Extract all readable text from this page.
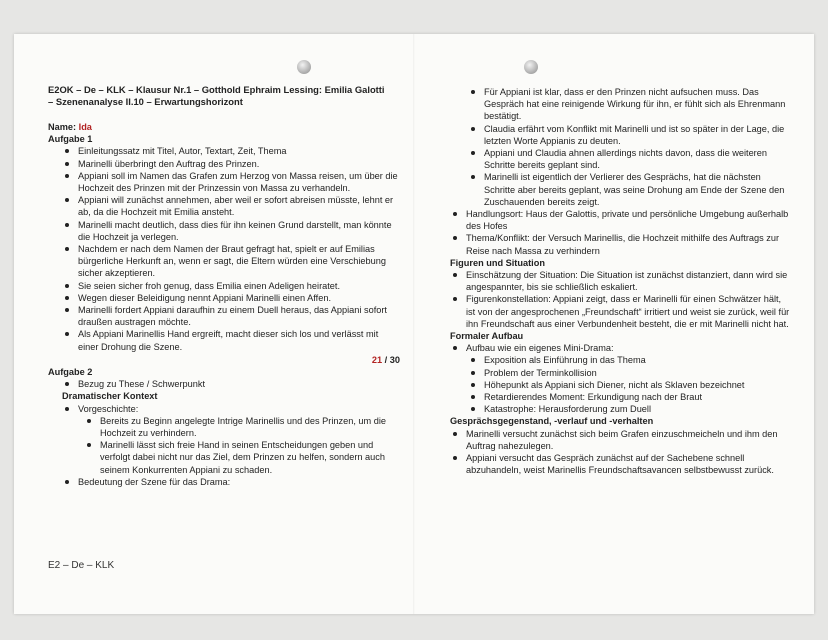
E2OK – De – KLK – Klausur Nr.1 – Gotthold Ephraim Lessing: Emilia Galotti
– Szenenanalyse II.10 – Erwartungshorizont
Name: Ida
Aufgabe 1
Einleitungssatz mit Titel, Autor, Textart, Zeit, Thema
Marinelli überbringt den Auftrag des Prinzen.
Appiani soll im Namen das Grafen zum Herzog von Massa reisen, um über die Hochzeit des Prinzen mit der Prinzessin von Massa zu verhandeln.
Appiani will zunächst annehmen, aber weil er sofort abreisen müsste, lehnt er ab, da die Hochzeit mit Emilia ansteht.
Marinelli macht deutlich, dass dies für ihn keinen Grund darstellt, man könnte die Hochzeit ja verlegen.
Nachdem er nach dem Namen der Braut gefragt hat, spielt er auf Emilias bürgerliche Herkunft an, wenn er sagt, die Eltern würden eine Verschiebung sicher akzeptieren.
Sie seien sicher froh genug, dass Emilia einen Adeligen heiratet.
Wegen dieser Beleidigung nennt Appiani Marinelli einen Affen.
Marinelli fordert Appiani daraufhin zu einem Duell heraus, das Appiani sofort draußen austragen möchte.
Als Appiani Marinellis Hand ergreift, macht dieser sich los und verlässt mit einer Drohung die Szene.
21 / 30
Aufgabe 2
Bezug zu These / Schwerpunkt
Dramatischer Kontext
Vorgeschichte:
Bereits zu Beginn angelegte Intrige Marinellis und des Prinzen, um die Hochzeit zu verhindern.
Marinelli lässt sich freie Hand in seinen Entscheidungen geben und verfolgt dabei nicht nur das Ziel, dem Prinzen zu helfen, sondern auch seinem Konkurrenten Appiani zu schaden.
Bedeutung der Szene für das Drama:
Für Appiani ist klar, dass er den Prinzen nicht aufsuchen muss. Das Gespräch hat eine reinigende Wirkung für ihn, er fühlt sich als Ehrenmann bestätigt.
Claudia erfährt vom Konflikt mit Marinelli und ist so später in der Lage, die letzten Worte Appianis zu deuten.
Appiani und Claudia ahnen allerdings nichts davon, dass die weiteren Schritte bereits geplant sind.
Marinelli ist eigentlich der Verlierer des Gesprächs, hat die nächsten Schritte aber bereits geplant, was seine Drohung am Ende der Szene den Zuschauenden bereits zeigt.
Handlungsort: Haus der Galottis, private und persönliche Umgebung außerhalb des Hofes
Thema/Konflikt: der Versuch Marinellis, die Hochzeit mithilfe des Auftrags zur Reise nach Massa zu verhindern
Figuren und Situation
Einschätzung der Situation: Die Situation ist zunächst distanziert, dann wird sie angespannter, bis sie schließlich eskaliert.
Figurenkonstellation: Appiani zeigt, dass er Marinelli für einen Schwätzer hält, ist von der angesprochenen „Freundschaft“ irritiert und weist sie zurück, weil für ihn Freundschaft aus einer Verbundenheit besteht, die er mit Marinelli nicht hat.
Formaler Aufbau
Aufbau wie ein eigenes Mini-Drama:
Exposition als Einführung in das Thema
Problem der Terminkollision
Höhepunkt als Appiani sich Diener, nicht als Sklaven bezeichnet
Retardierendes Moment: Erkundigung nach der Braut
Katastrophe: Herausforderung zum Duell
Gesprächsgegenstand, -verlauf und -verhalten
Marinelli versucht zunächst sich beim Grafen einzuschmeicheln und ihm den Auftrag nahezulegen.
Appiani versucht das Gespräch zunächst auf der Sachebene schnell abzuhandeln, weist Marinellis Freundschaftsavancen selbstbewusst zurück.
E2 – De – KLK
